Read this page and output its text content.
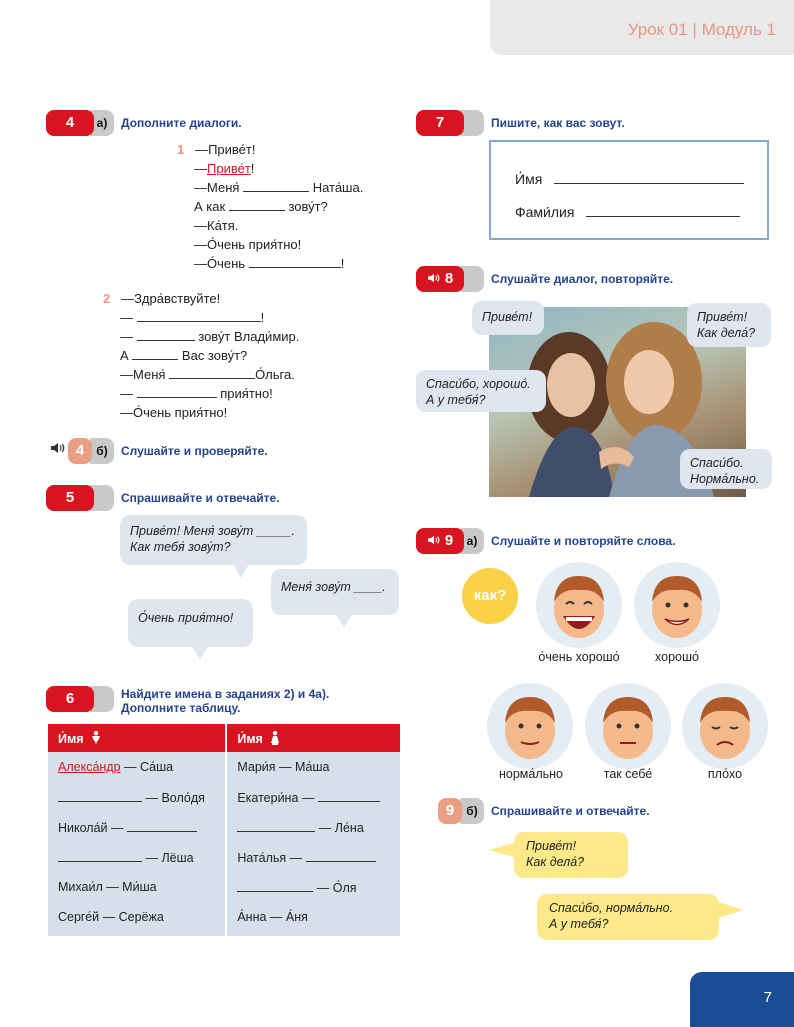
Урок 01 | Модуль 1
а)
4	Дополните диалоги.
1 —Приве́т!
—Приве́т!
—Меня́	Ната́ша.
А как	зову́т?
—Ка́тя.
—О́чень прия́тно!
—О́чень	!
2 —Здра́вствуйте!
—	!
—	зову́т Влади́мир.
А	Вас зову́т?
—Меня́	О́льга.
—	прия́тно!
—О́чень прия́тно!
б)
4	Слушайте и проверяйте.
5	Спрашивайте и отвечайте.
Приве́т! Меня́ зову́т _____.
Как тебя́ зову́т?
Меня́ зову́т ____.
О́чень прия́тно!
6	Найдите имена в заданиях 2) и 4а).
Дополните таблицу.
И́мя	И́мя
Алекса́ндр — Са́ша	Мари́я — Ма́ша
— Воло́дя	Екатери́на —
Никола́й —	— Ле́на
— Лёша	Ната́лья —
Михаи́л — Ми́ша	— О́ля
Серге́й — Серёжа	А́нна — А́ня
7	Пишите, как вас зовут.
И́мя
Фами́лия
8	Слушайте диалог, повторяйте.
Приве́т!	Приве́т!
Как дела́?
Спаси́бо, хорошо́.
А у тебя́?
Спаси́бо.
Норма́льно.
а)
9	Слушайте и повторяйте слова.
как?
о́чень хорошо́	хорошо́
норма́льно	так себе́	пло́хо
б)
9	Спрашивайте и отвечайте.
Приве́т!
Как дела́?
Спаси́бо, норма́льно.
А у тебя́?
7
